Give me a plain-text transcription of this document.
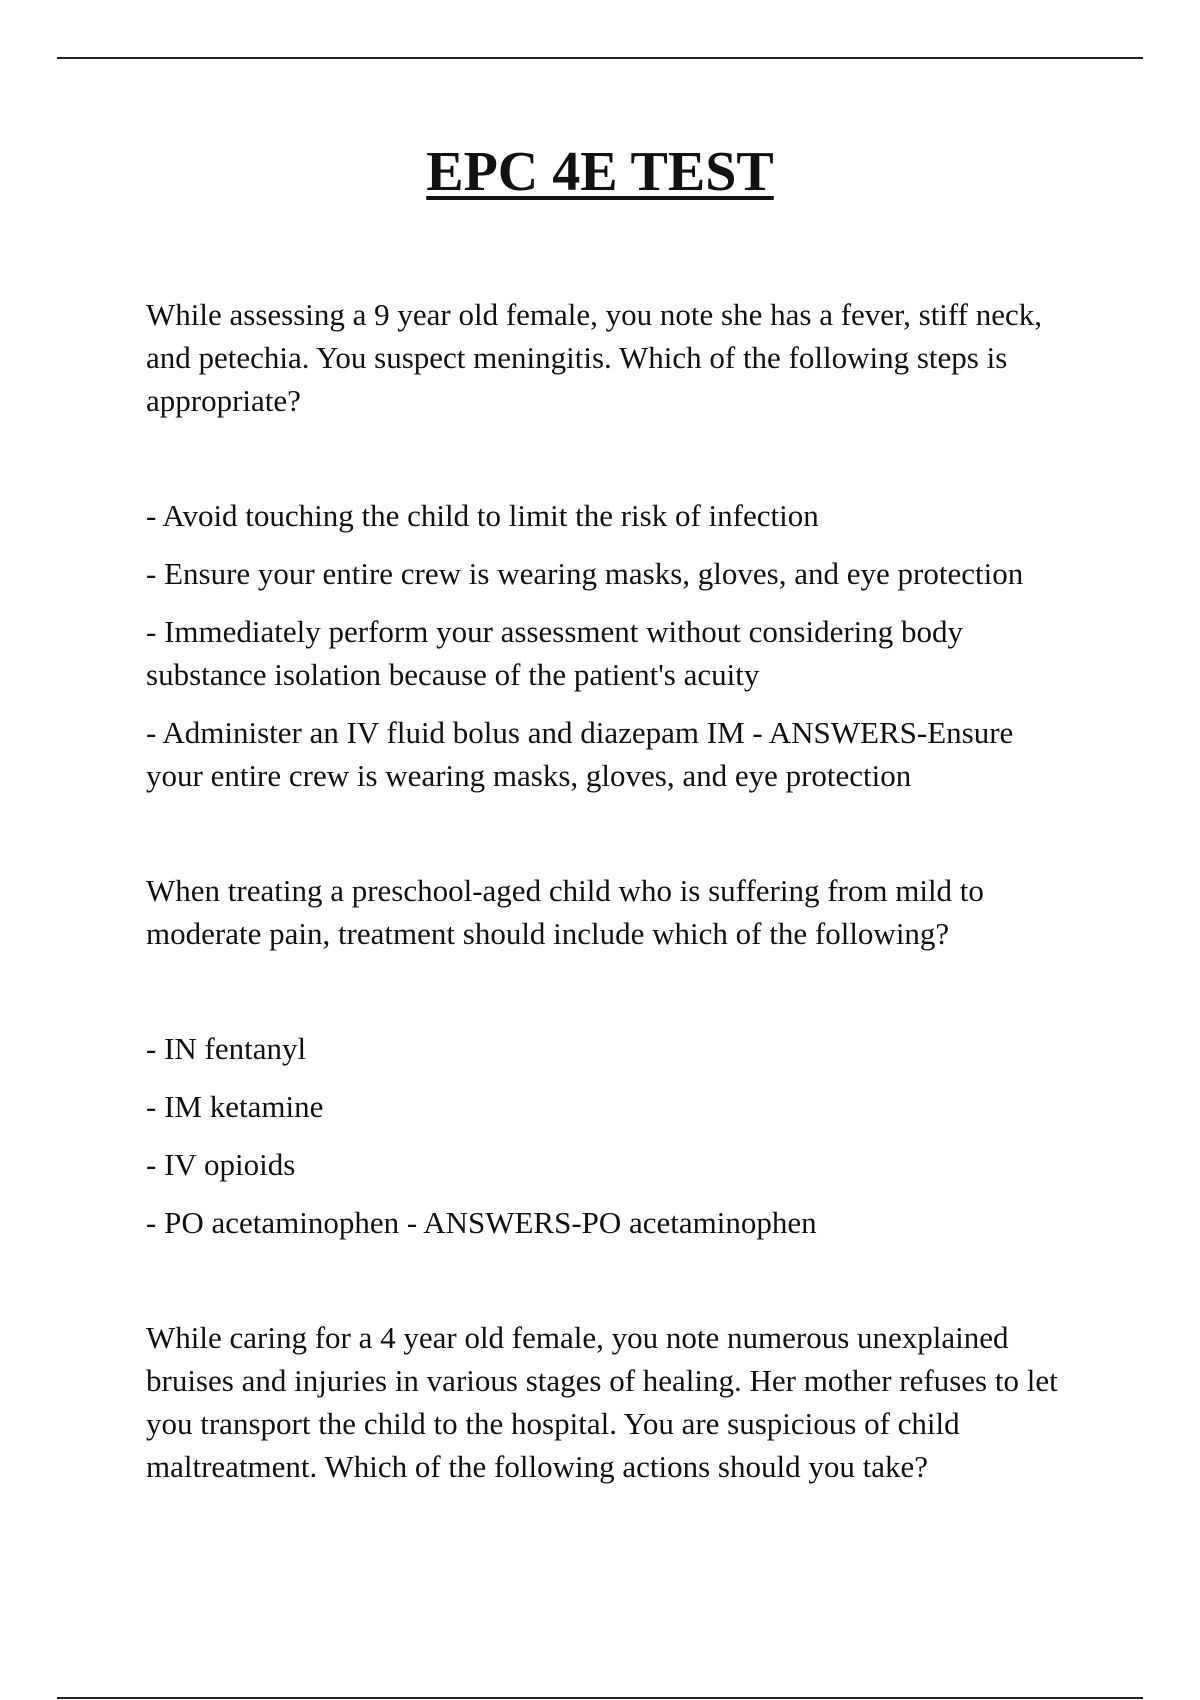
EPC 4E TEST

While assessing a 9 year old female, you note she has a fever, stiff neck, and petechia. You suspect meningitis. Which of the following steps is appropriate?

- Avoid touching the child to limit the risk of infection
- Ensure your entire crew is wearing masks, gloves, and eye protection
- Immediately perform your assessment without considering body substance isolation because of the patient's acuity
- Administer an IV fluid bolus and diazepam IM - ANSWERS-Ensure your entire crew is wearing masks, gloves, and eye protection

When treating a preschool-aged child who is suffering from mild to moderate pain, treatment should include which of the following?

- IN fentanyl
- IM ketamine
- IV opioids
- PO acetaminophen - ANSWERS-PO acetaminophen

While caring for a 4 year old female, you note numerous unexplained bruises and injuries in various stages of healing. Her mother refuses to let you transport the child to the hospital. You are suspicious of child maltreatment. Which of the following actions should you take?
